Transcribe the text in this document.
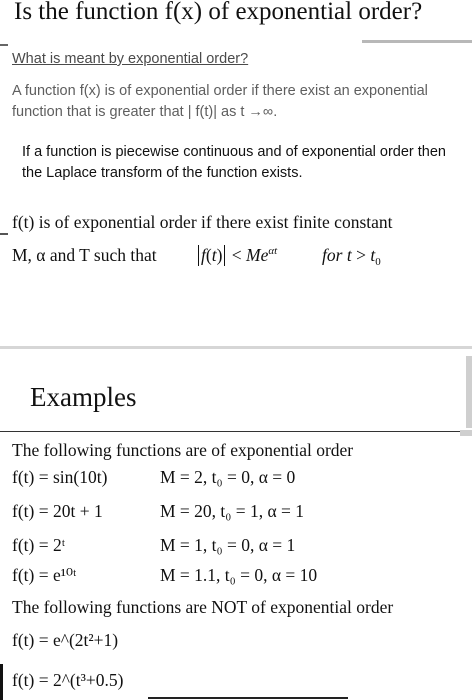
Is the function f(x) of exponential order?
What is meant by exponential order?
A function f(x) is of exponential order if there exist an exponential function that is greater that | f(t)| as t →∞.
If a function is piecewise continuous and of exponential order then the Laplace transform of the function exists.
f(t) is of exponential order if there exist finite constant
M, α and T such that	$f(t) < Me^{\alpha t}$	for $t > t_0$
Examples
The following functions are of exponential order
f(t) = sin(10t)	M = 2, t₀ = 0, α = 0
f(t) = 20t + 1	M = 20, t₀ = 1, α = 1
f(t) = 2ᵗ	M = 1, t₀ = 0, α = 1
f(t) = e¹⁰ᵗ	M = 1.1, t₀ = 0, α = 10
The following functions are NOT of exponential order
f(t) = e^(2t²+1)
f(t) = 2^(t³+0.5)
